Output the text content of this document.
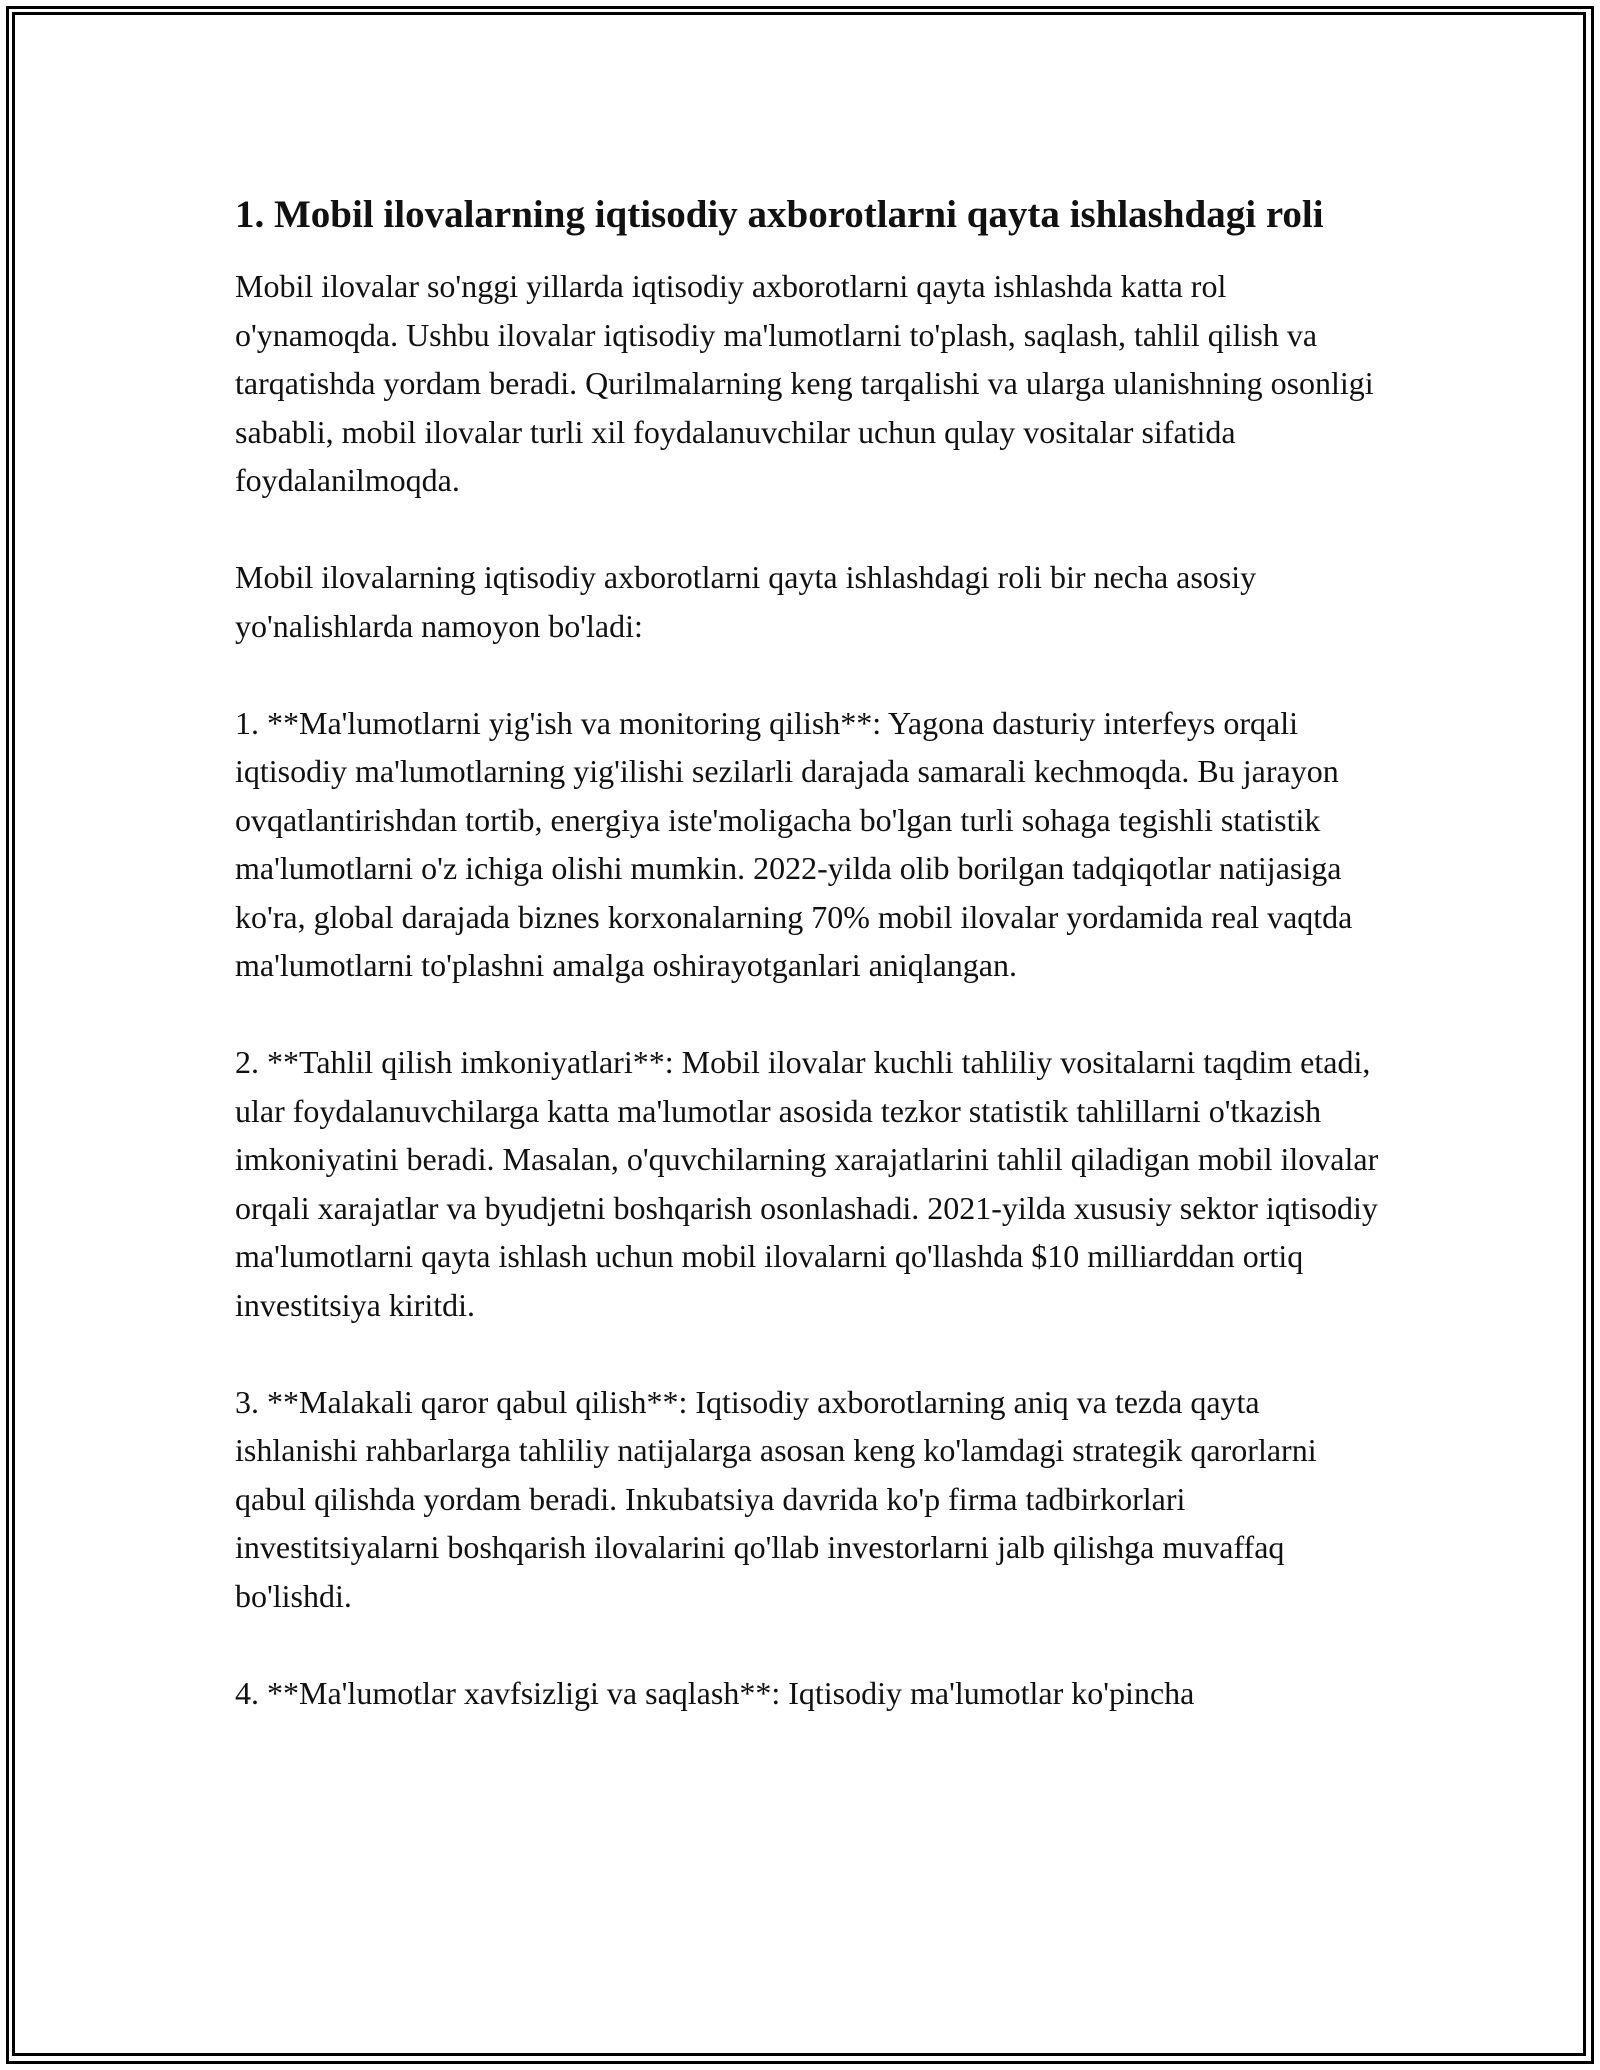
1. Mobil ilovalarning iqtisodiy axborotlarni qayta ishlashdagi roli

Mobil ilovalar so'nggi yillarda iqtisodiy axborotlarni qayta ishlashda katta rol o'ynamoqda. Ushbu ilovalar iqtisodiy ma'lumotlarni to'plash, saqlash, tahlil qilish va tarqatishda yordam beradi. Qurilmalarning keng tarqalishi va ularga ulanishning osonligi sababli, mobil ilovalar turli xil foydalanuvchilar uchun qulay vositalar sifatida foydalanilmoqda.

Mobil ilovalarning iqtisodiy axborotlarni qayta ishlashdagi roli bir necha asosiy yo'nalishlarda namoyon bo'ladi:

1. **Ma'lumotlarni yig'ish va monitoring qilish**: Yagona dasturiy interfeys orqali iqtisodiy ma'lumotlarning yig'ilishi sezilarli darajada samarali kechmoqda. Bu jarayon ovqatlantirishdan tortib, energiya iste'moligacha bo'lgan turli sohaga tegishli statistik ma'lumotlarni o'z ichiga olishi mumkin. 2022-yilda olib borilgan tadqiqotlar natijasiga ko'ra, global darajada biznes korxonalarning 70% mobil ilovalar yordamida real vaqtda ma'lumotlarni to'plashni amalga oshirayotganlari aniqlangan.

2. **Tahlil qilish imkoniyatlari**: Mobil ilovalar kuchli tahliliy vositalarni taqdim etadi, ular foydalanuvchilarga katta ma'lumotlar asosida tezkor statistik tahlillarni o'tkazish imkoniyatini beradi. Masalan, o'quvchilarning xarajatlarini tahlil qiladigan mobil ilovalar orqali xarajatlar va byudjetni boshqarish osonlashadi. 2021-yilda xususiy sektor iqtisodiy ma'lumotlarni qayta ishlash uchun mobil ilovalarni qo'llashda $10 milliarddan ortiq investitsiya kiritdi.

3. **Malakali qaror qabul qilish**: Iqtisodiy axborotlarning aniq va tezda qayta ishlanishi rahbarlarga tahliliy natijalarga asosan keng ko'lamdagi strategik qarorlarni qabul qilishda yordam beradi. Inkubatsiya davrida ko'p firma tadbirkorlari investitsiyalarni boshqarish ilovalarini qo'llab investorlarni jalb qilishga muvaffaq bo'lishdi.

4. **Ma'lumotlar xavfsizligi va saqlash**: Iqtisodiy ma'lumotlar ko'pincha
